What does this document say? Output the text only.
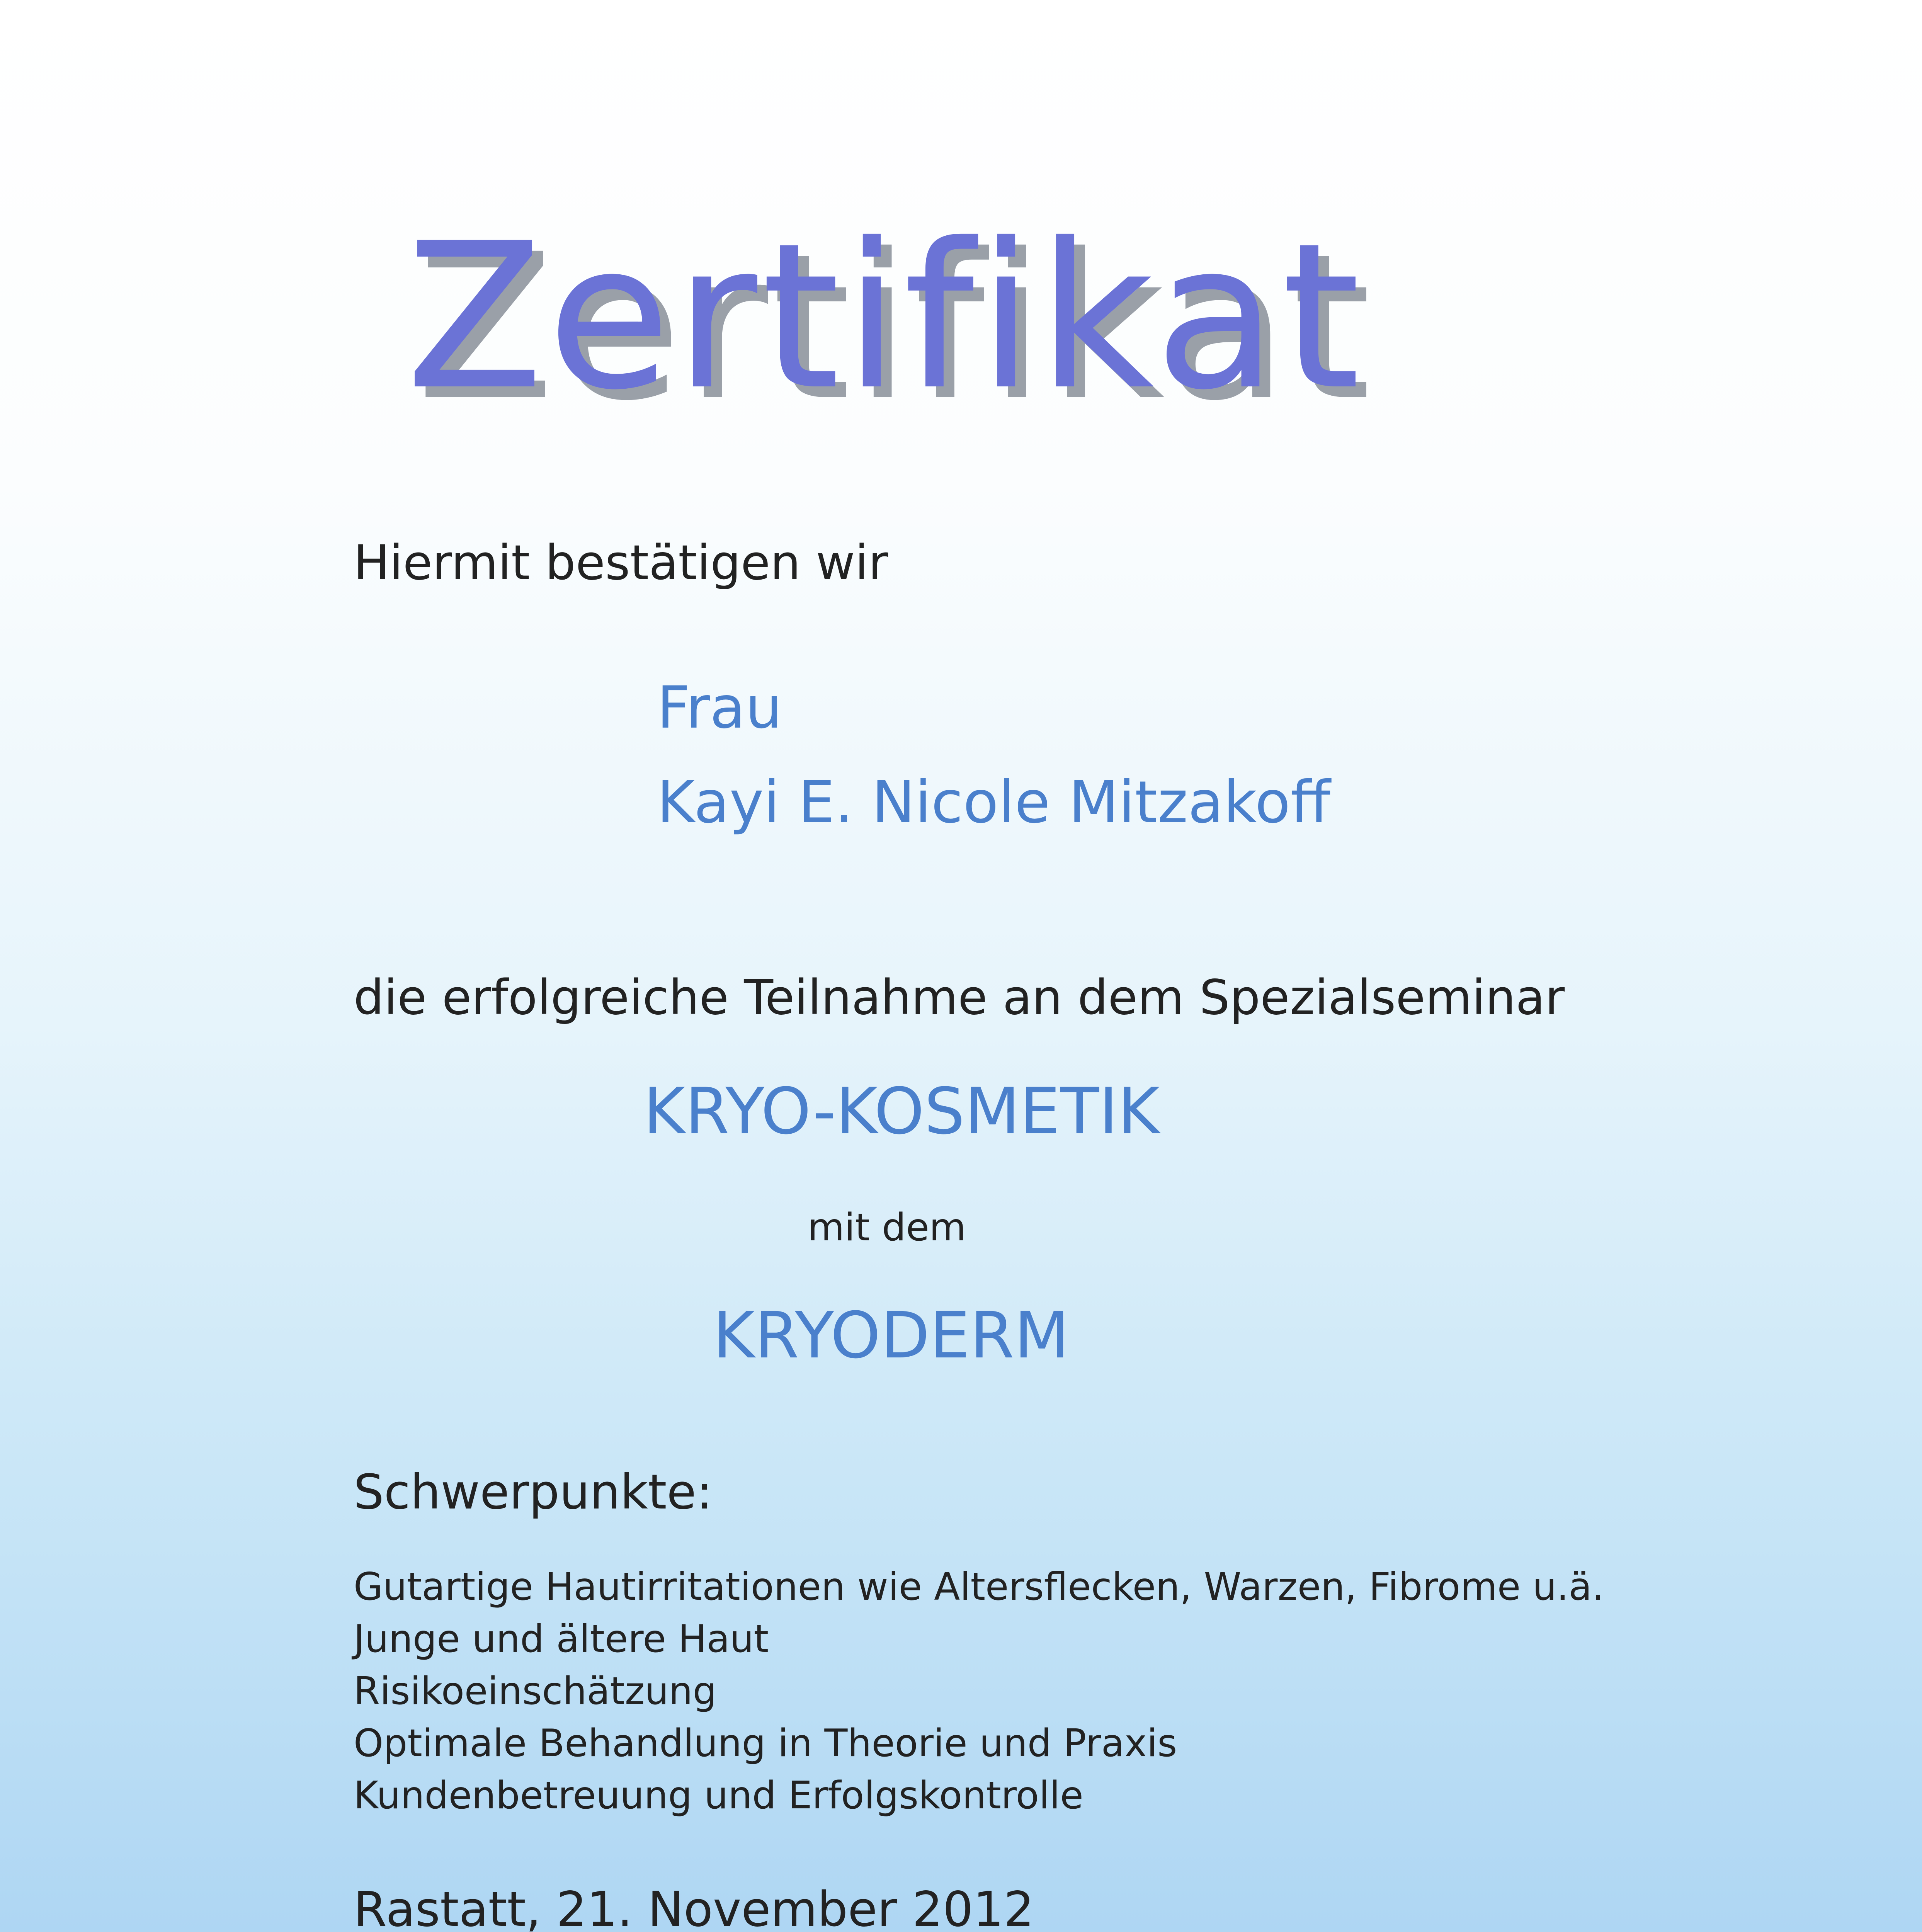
Zertifikat
Hiermit bestätigen wir
Frau
Kayi E. Nicole Mitzakoff
die erfolgreiche Teilnahme an dem Spezialseminar
KRYO-KOSMETIK
mit dem
KRYODERM
Schwerpunkte:
Gutartige Hautirritationen wie Altersflecken, Warzen, Fibrome u.ä.
Junge und ältere Haut
Risikoeinschätzung
Optimale Behandlung in Theorie und Praxis
Kundenbetreuung und Erfolgskontrolle
Rastatt, 21. November 2012
